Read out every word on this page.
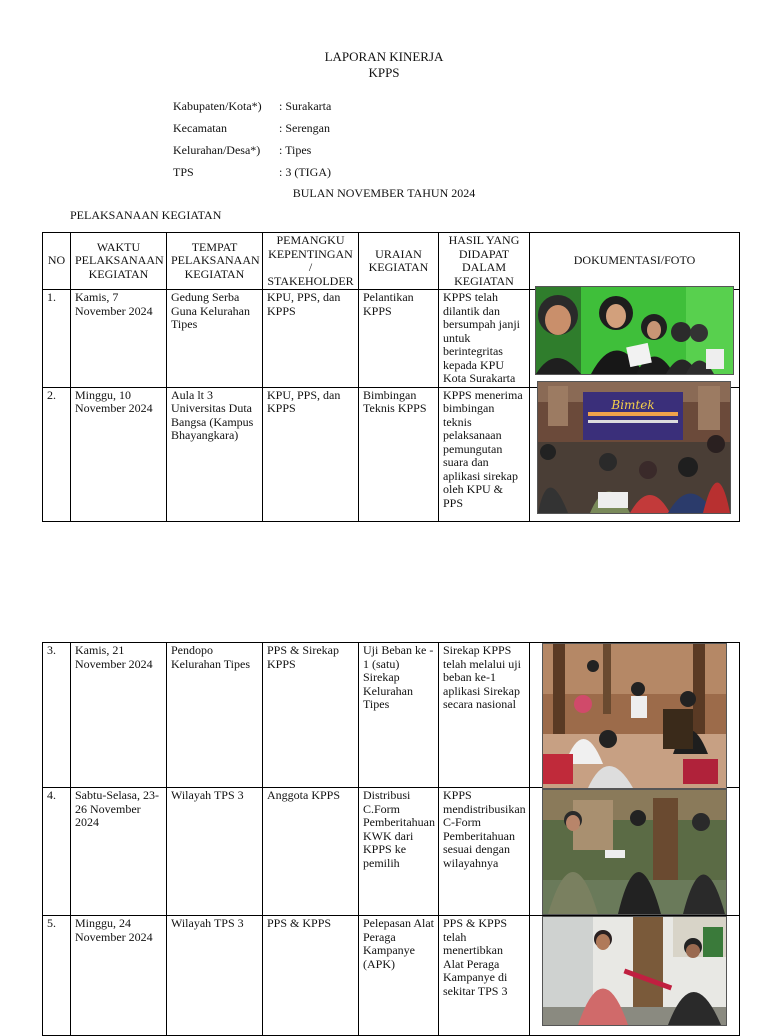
LAPORAN KINERJA
KPPS
Kabupaten/Kota*) : Surakarta
Kecamatan	: Serengan
Kelurahan/Desa*) : Tipes
TPS	: 3 (TIGA)
BULAN NOVEMBER TAHUN 2024
PELAKSANAAN KEGIATAN
NO	WAKTU PELAKSANAAN KEGIATAN	TEMPAT PELAKSANAAN KEGIATAN	PEMANGKU KEPENTINGAN / STAKEHOLDER	URAIAN KEGIATAN	HASIL YANG DIDAPAT DALAM KEGIATAN	DOKUMENTASI/FOTO
1.	Kamis, 7 November 2024	Gedung Serba Guna Kelurahan Tipes	KPU, PPS, dan KPPS	Pelantikan KPPS	KPPS telah dilantik dan bersumpah janji untuk berintegritas kepada KPU Kota Surakarta	
2.	Minggu, 10 November 2024	Aula lt 3 Universitas Duta Bangsa (Kampus Bhayangkara)	KPU, PPS, dan KPPS	Bimbingan Teknis KPPS	KPPS menerima bimbingan teknis pelaksanaan pemungutan suara dan aplikasi sirekap oleh KPU & PPS	
3.	Kamis, 21 November 2024	Pendopo Kelurahan Tipes	PPS & Sirekap KPPS	Uji Beban ke - 1 (satu) Sirekap Kelurahan Tipes	Sirekap KPPS telah melalui uji beban ke-1 aplikasi Sirekap secara nasional	
4.	Sabtu-Selasa, 23-26 November 2024	Wilayah TPS 3	Anggota KPPS	Distribusi C.Form Pemberitahuan KWK dari KPPS ke pemilih	KPPS mendistribusikan C-Form Pemberitahuan sesuai dengan wilayahnya	
5.	Minggu, 24 November 2024	Wilayah TPS 3	PPS & KPPS	Pelepasan Alat Peraga Kampanye (APK)	PPS & KPPS telah menertibkan Alat Peraga Kampanye di sekitar TPS 3	
Bimtek
